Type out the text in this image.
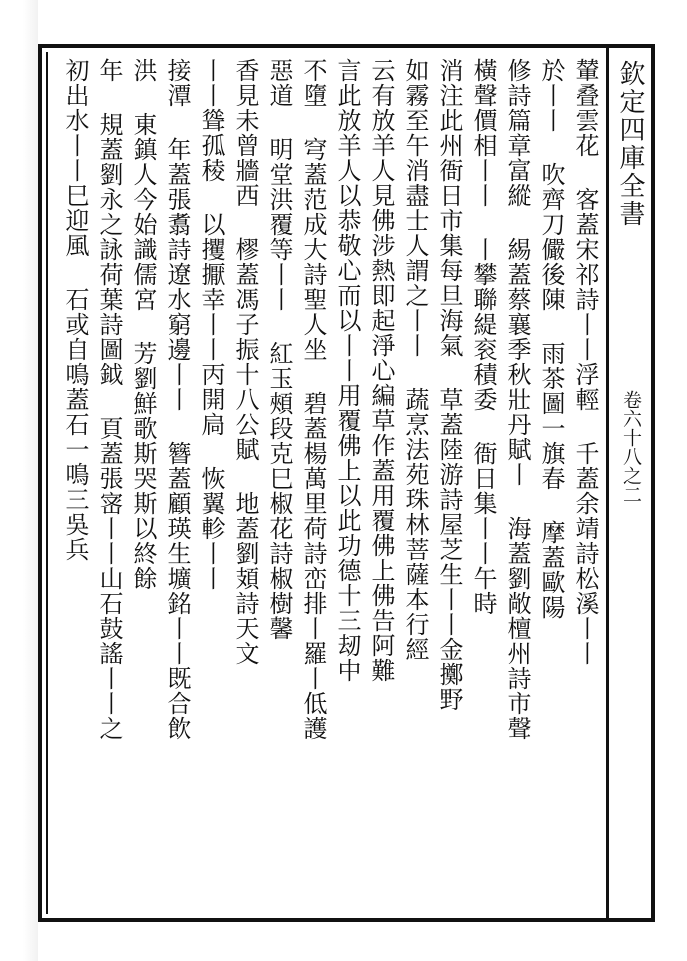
欽定四庫全書
卷六十八之二
輦叠雲花 客蓋宋祁詩丨丨浮輕 千蓋余靖詩松溪丨丨
於丨丨 吹齊刀儼後陳 雨茶圖一旗春 摩蓋歐陽
修詩篇章富縱 緆蓋蔡襄季秋壯丹賦丨 海蓋劉敞檀州詩市聲
橫聲價相丨丨 丨攀聯緹衮積委 衙日集丨丨午時
消注此州衙日市集每旦海氣 草蓋陸游詩屋芝生丨丨金擲野
如霧至午消盡士人謂之丨丨 蔬烹法苑珠林菩薩本行經
云有放羊人見佛涉熱即起淨心編草作蓋用覆佛上佛告阿難
言此放羊人以恭敬心而以丨丨用覆佛上以此功德十三刼中
不墮 穹蓋范成大詩聖人坐 碧蓋楊萬里荷詩峦排丨羅丨低護
惡道 明堂洪覆等丨丨 紅玉頰段克巳椒花詩椒樹馨
香見未曾牆西 樛蓋馮子振十八公賦 地蓋劉頍詩天文
丨丨聳孤稜 以攫擫幸丨丨丙開扃 恢翼軫丨丨
接潭 年蓋張翥詩遼水窮邊丨丨 簪蓋顧瑛生壙銘丨丨既合飲
洪 東鎮人今始識儒宮 芳劉鮮歌斯哭斯以終餘
年 規蓋劉永之詠荷葉詩圖鉞 頁蓋張宻丨丨山石鼓謠丨丨之
初出水丨丨巳迎風 石或自鳴蓋石一鳴三吳兵
